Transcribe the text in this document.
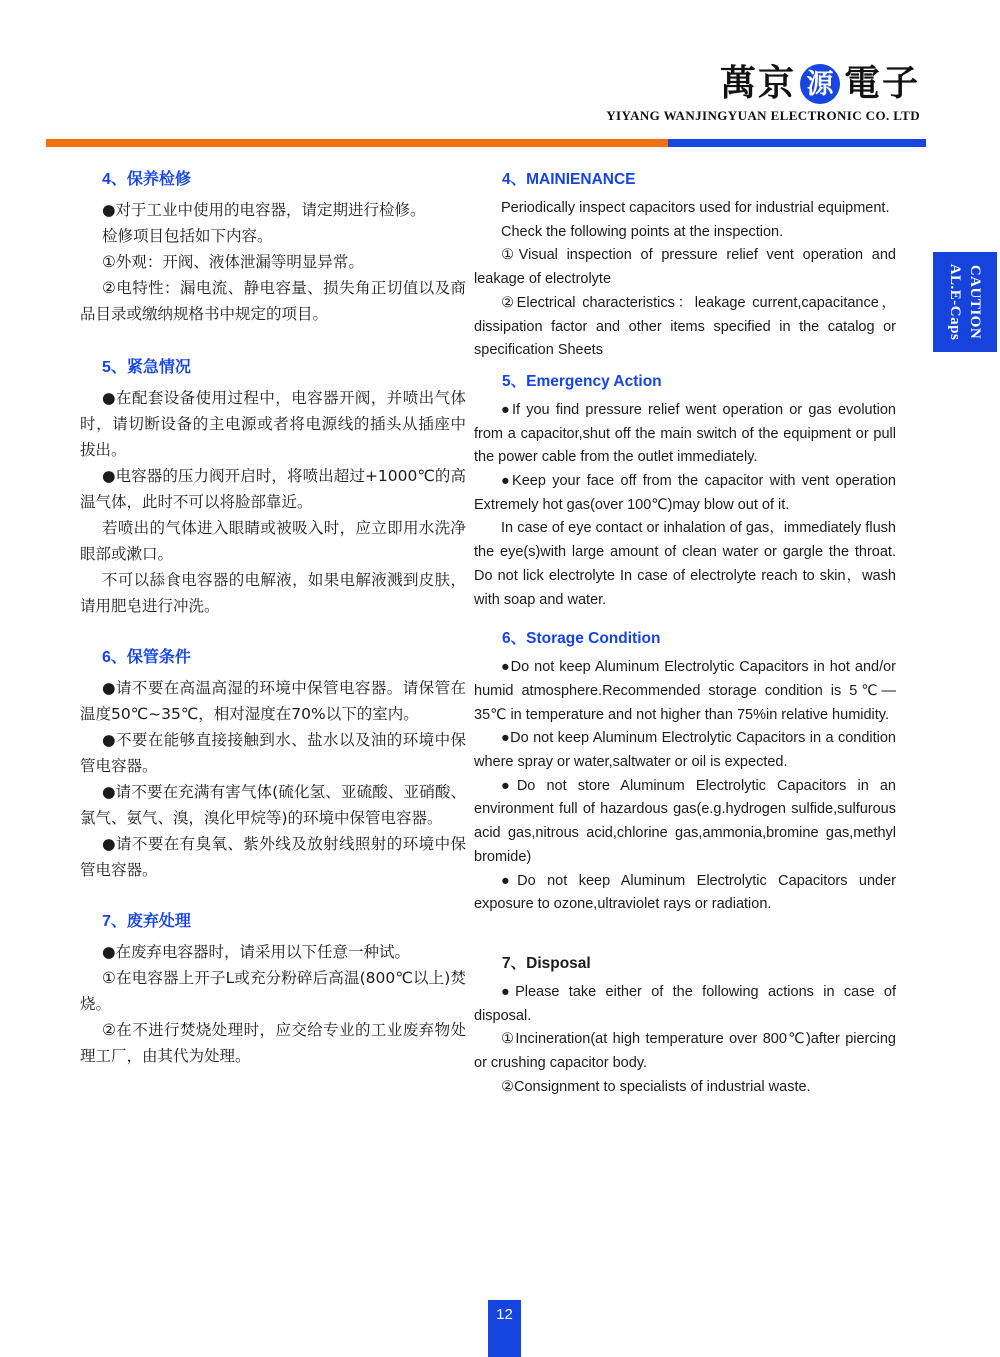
萬京 源 電子
YIYANG WANJINGYUAN ELECTRONIC CO. LTD
4、保养检修

●对于工业中使用的电容器，请定期进行检修。

检修项目包括如下内容。

①外观：开阀、液体泄漏等明显异常。

②电特性：漏电流、静电容量、损失角正切值以及商品目录或缴纳规格书中规定的项目。

5、紧急情况

●在配套设备使用过程中，电容器开阀，并喷出气体时，请切断设备的主电源或者将电源线的插头从插座中拔出。

●电容器的压力阀开启时，将喷出超过+1000℃的高温气体，此时不可以将脸部靠近。

若喷出的气体进入眼睛或被吸入时，应立即用水洗净眼部或漱口。

不可以舔食电容器的电解液，如果电解液溅到皮肤，请用肥皂进行冲洗。

6、保管条件

●请不要在高温高湿的环境中保管电容器。请保管在温度50℃~35℃，相对湿度在70%以下的室内。

●不要在能够直接接触到水、盐水以及油的环境中保管电容器。

●请不要在充满有害气体(硫化氢、亚硫酸、亚硝酸、氯气、氨气、溴，溴化甲烷等)的环境中保管电容器。

●请不要在有臭氧、紫外线及放射线照射的环境中保管电容器。

7、废弃处理

●在废弃电容器时，请采用以下任意一种试。

①在电容器上开子L或充分粉碎后高温(800℃以上)焚烧。

②在不进行焚烧处理时，应交给专业的工业废弃物处理工厂，由其代为处理。

4、MAINIENANCE

Periodically inspect capacitors used for industrial equipment.

Check the following points at the inspection.

①Visual inspection of pressure relief vent operation and leakage of electrolyte

②Electrical characteristics：leakage current,capacitance，dissipation factor and other items specified in the catalog or specification Sheets

5、Emergency Action

●If you find pressure relief went operation or gas evolution from a capacitor,shut off the main switch of the equipment or pull the power cable from the outlet immediately.

●Keep your face off from the capacitor with vent operation Extremely hot gas(over 100℃)may blow out of it.

In case of eye contact or inhalation of gas，immediately flush the eye(s)with large amount of clean water or gargle the throat. Do not lick electrolyte In case of electrolyte reach to skin，wash with soap and water.

6、Storage Condition

●Do not keep Aluminum Electrolytic Capacitors in hot and/or humid atmosphere.Recommended storage condition is 5℃—35℃ in temperature and not higher than 75%in relative humidity.

●Do not keep Aluminum Electrolytic Capacitors in a condition where spray or water,saltwater or oil is expected.

●Do not store Aluminum Electrolytic Capacitors in an environment full of hazardous gas(e.g.hydrogen sulfide,sulfurous acid gas,nitrous acid,chlorine gas,ammonia,bromine gas,methyl bromide)

●Do not keep Aluminum Electrolytic Capacitors under exposure to ozone,ultraviolet rays or radiation.

7、Disposal

●Please take either of the following actions in case of disposal.

①Incineration(at high temperature over 800℃)after piercing or crushing capacitor body.

②Consignment to specialists of industrial waste.

CAUTION
AL.E-Caps
12
